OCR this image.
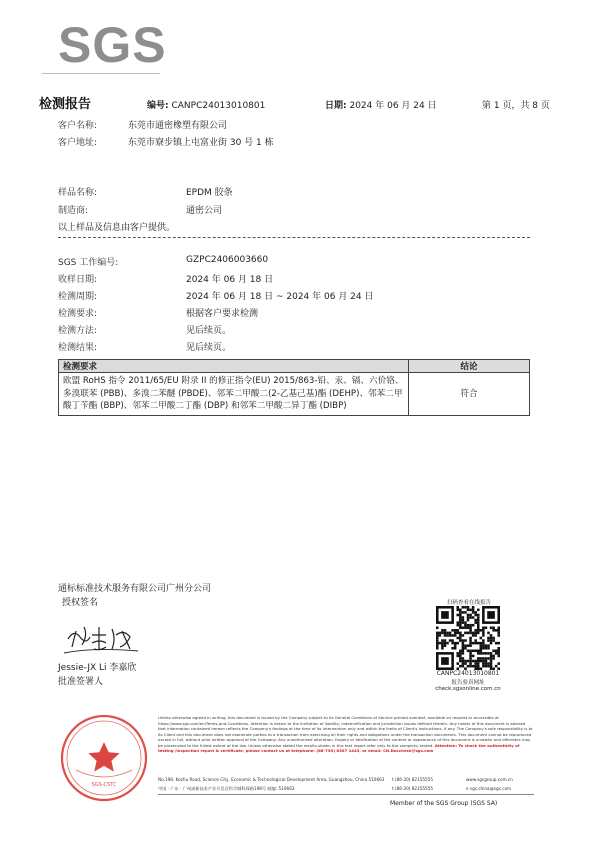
SGS
检测报告	编号: CANPC24013010801	日期: 2024 年 06 月 24 日	第 1 页，共 8 页
客户名称:	东莞市通密橡塑有限公司
客户地址:	东莞市寮步镇上屯富业街 30 号 1 栋
样品名称:	EPDM 胶条
制造商:	通密公司
以上样品及信息由客户提供。
SGS 工作编号:	GZPC2406003660
收样日期:	2024 年 06 月 18 日
检测周期:	2024 年 06 月 18 日 ~ 2024 年 06 月 24 日
检测要求:	根据客户要求检测
检测方法:	见后续页。
检测结果:	见后续页。
检测要求	结论
欧盟 RoHS 指令 2011/65/EU 附录 II 的修正指令(EU) 2015/863-铅、汞、镉、六价铬、多溴联苯 (PBB)、多溴二苯醚 (PBDE)、邻苯二甲酸二(2-乙基己基)酯 (DEHP)、邻苯二甲酸丁苄酯 (BBP)、邻苯二甲酸二丁酯 (DBP) 和邻苯二甲酸二异丁酯 (DIBP)	符合
通标标准技术服务有限公司广州分公司
授权签名
Jessie-JX Li 李嘉欣
批准签署人
扫码查看在线报告
CANPC24013010801
报告验真网址
check.sgsonline.com.cn
SGS-CSTC
Unless otherwise agreed in writing, this document is issued by the Company subject to its General Conditions of Service printed overleaf, available on request or accessible at https://www.sgs.com/en/Terms-and-Conditions. Attention is drawn to the limitation of liability, indemnification and jurisdiction issues defined therein. Any holder of this document is advised that information contained hereon reflects the Company's findings at the time of its intervention only and within the limits of Client's instructions, if any. The Company's sole responsibility is to its Client and this document does not exonerate parties to a transaction from exercising all their rights and obligations under the transaction documents. This document cannot be reproduced except in full, without prior written approval of the Company. Any unauthorized alteration, forgery or falsification of the content or appearance of this document is unlawful and offenders may be prosecuted to the fullest extent of the law. Unless otherwise stated the results shown in this test report refer only to the sample(s) tested. Attention: To check the authenticity of testing /inspection report & certificate, please contact us at telephone: (86-755) 8307 1443, or email: CN.Doccheck@sgs.com
No.198, Kezhu Road, Science City, Economic & Technological Development Area, Guangzhou, China 510663 t (86-20) 82155555	www.sgsgroup.com.cn
中国 · 广东 · 广州高新技术产业开发区科学城科珠路198号 邮编: 510663	t (86-20) 82155555	e sgs.china@sgs.com
Member of the SGS Group (SGS SA)
